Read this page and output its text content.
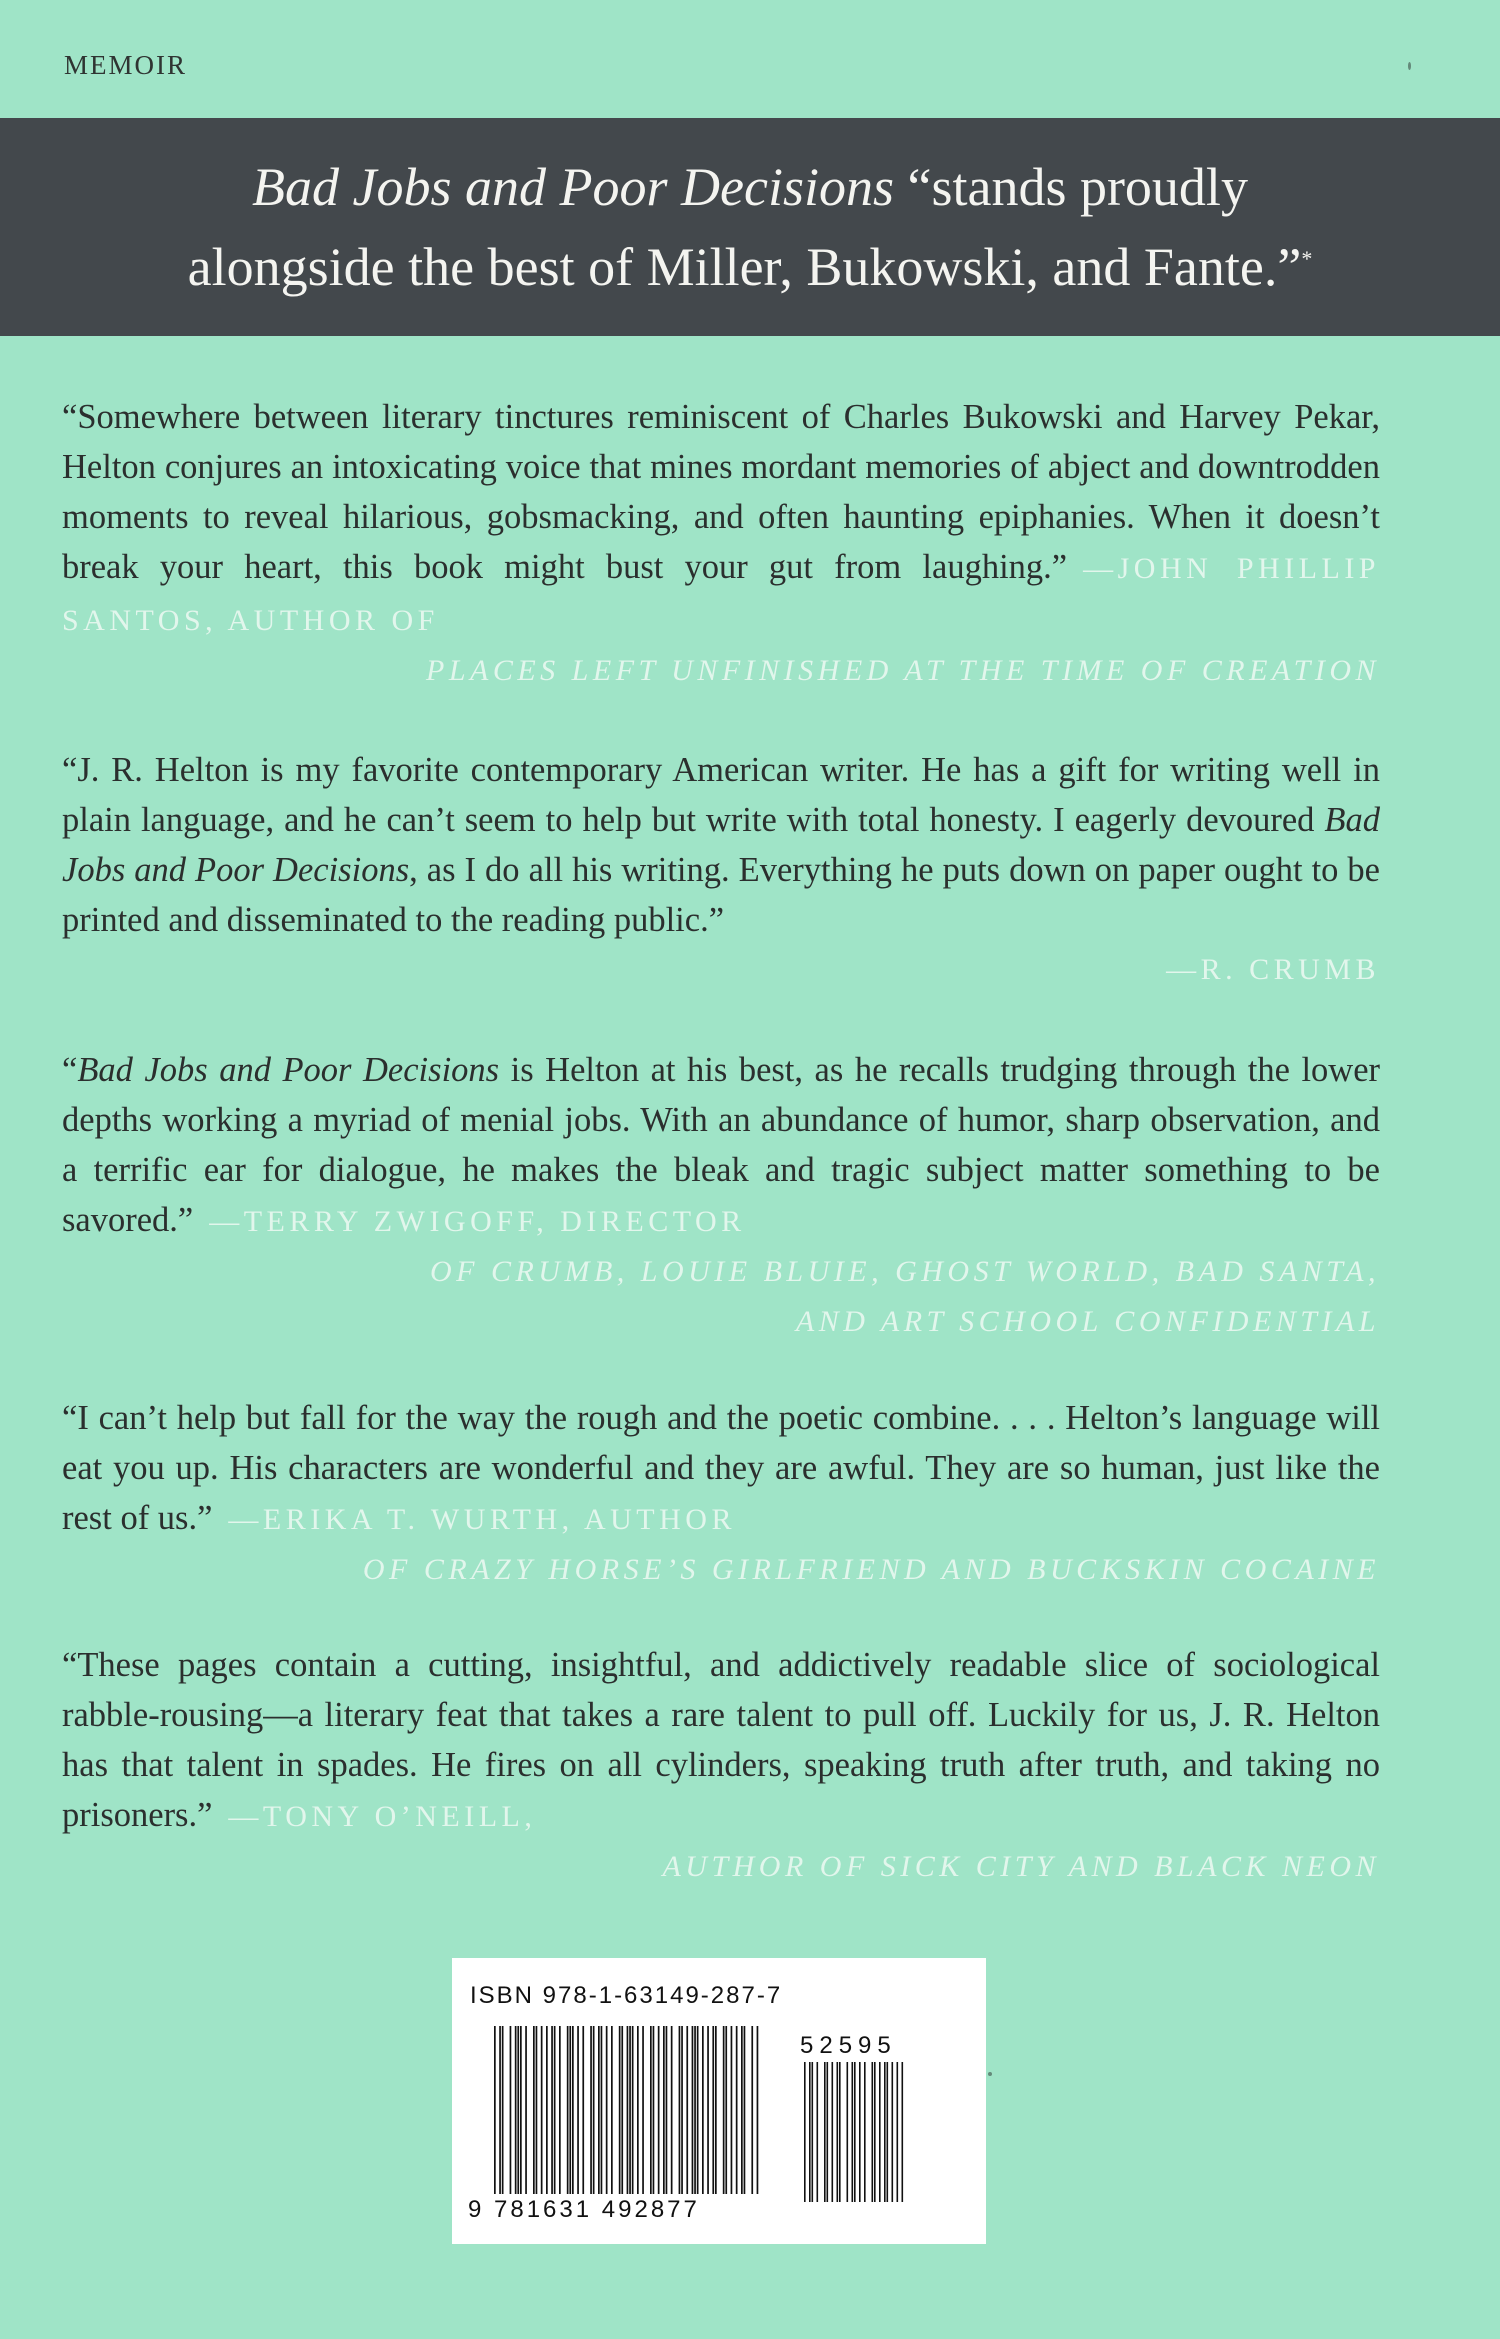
MEMOIR
Bad Jobs and Poor Decisions “stands proudly
alongside the best of Miller, Bukowski, and Fante.”*

“Somewhere between literary tinctures reminiscent of Charles Bukowski and Harvey Pekar, Helton conjures an intoxicating voice that mines mordant memories of abject and downtrodden moments to reveal hilarious, gobsmacking, and often haunting epiphanies. When it doesn’t break your heart, this book might bust your gut from laughing.” —JOHN PHILLIP SANTOS, AUTHOR OF

PLACES LEFT UNFINISHED AT THE TIME OF CREATION

“J. R. Helton is my favorite contemporary American writer. He has a gift for writing well in plain language, and he can’t seem to help but write with total honesty. I eagerly devoured Bad Jobs and Poor Decisions, as I do all his writing. Everything he puts down on paper ought to be printed and disseminated to the reading public.”

—R. CRUMB

“Bad Jobs and Poor Decisions is Helton at his best, as he recalls trudging through the lower depths working a myriad of menial jobs. With an abundance of humor, sharp observation, and a terrific ear for dialogue, he makes the bleak and tragic subject matter something to be savored.” —TERRY ZWIGOFF, DIRECTOR

OF CRUMB, LOUIE BLUIE, GHOST WORLD, BAD SANTA,
AND ART SCHOOL CONFIDENTIAL

“I can’t help but fall for the way the rough and the poetic combine. . . . Helton’s language will eat you up. His characters are wonderful and they are awful. They are so human, just like the rest of us.” —ERIKA T. WURTH, AUTHOR

OF CRAZY HORSE’S GIRLFRIEND AND BUCKSKIN COCAINE

“These pages contain a cutting, insightful, and addictively readable slice of sociological rabble-rousing—a literary feat that takes a rare talent to pull off. Luckily for us, J. R. Helton has that talent in spades. He fires on all cylinders, speaking truth after truth, and taking no prisoners.” —TONY O’NEILL,

AUTHOR OF SICK CITY AND BLACK NEON
ISBN 978-1-63149-287-7
52595
9 781631 492877
